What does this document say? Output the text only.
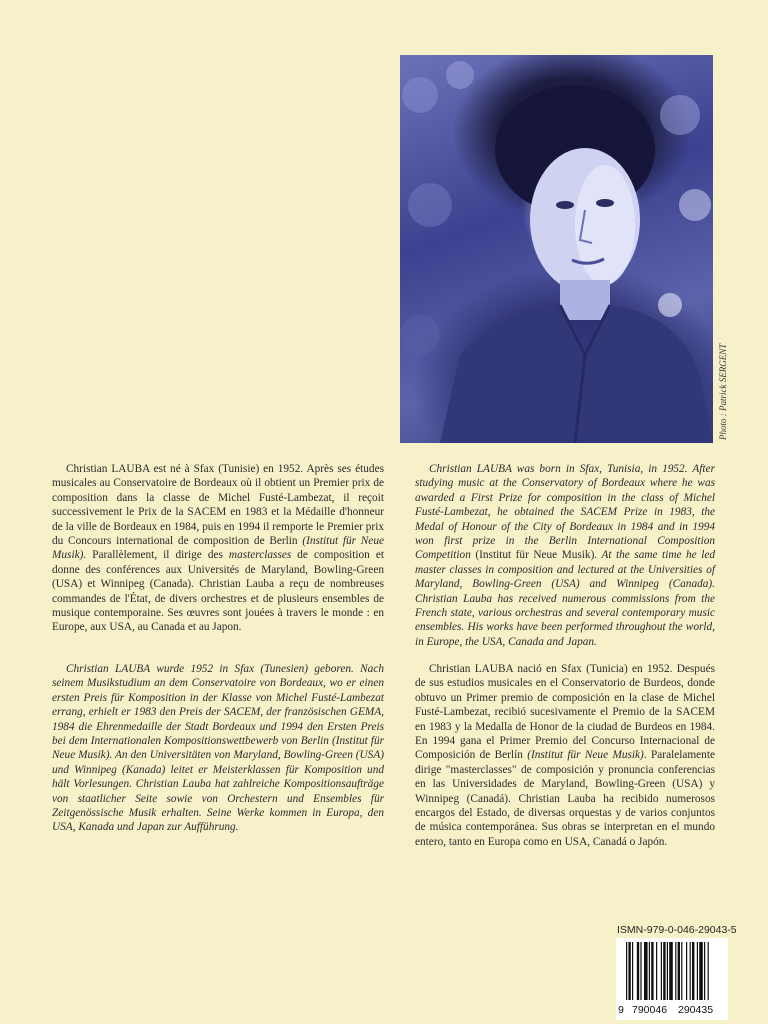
Photo : Patrick SERGENT

Christian LAUBA est né à Sfax (Tunisie) en 1952. Après ses études musicales au Conservatoire de Bordeaux où il obtient un Premier prix de composition dans la classe de Michel Fusté-Lambezat, il reçoit successivement le Prix de la SACEM en 1983 et la Médaille d'honneur de la ville de Bordeaux en 1984, puis en 1994 il remporte le Premier prix du Concours international de composition de Berlin (Institut für Neue Musik). Parallèlement, il dirige des masterclasses de composition et donne des conférences aux Universités de Maryland, Bowling-Green (USA) et Winnipeg (Canada). Christian Lauba a reçu de nombreuses commandes de l'État, de divers orchestres et de plusieurs ensembles de musique contemporaine. Ses œuvres sont jouées à travers le monde : en Europe, aux USA, au Canada et au Japon.

Christian LAUBA wurde 1952 in Sfax (Tunesien) geboren. Nach seinem Musikstudium an dem Conservatoire von Bordeaux, wo er einen ersten Preis für Komposition in der Klasse von Michel Fusté-Lambezat errang, erhielt er 1983 den Preis der SACEM, der französischen GEMA, 1984 die Ehrenmedaille der Stadt Bordeaux und 1994 den Ersten Preis bei dem Internationalen Kompositionswettbewerb von Berlin (Institut für Neue Musik). An den Universitäten von Maryland, Bowling-Green (USA) und Winnipeg (Kanada) leitet er Meisterklassen für Komposition und hält Vorlesungen. Christian Lauba hat zahlreiche Kompositionsaufträge von staatlicher Seite sowie von Orchestern und Ensembles für Zeitgenössische Musik erhalten. Seine Werke kommen in Europa, den USA, Kanada und Japan zur Aufführung.

Christian LAUBA was born in Sfax, Tunisia, in 1952. After studying music at the Conservatory of Bordeaux where he was awarded a First Prize for composition in the class of Michel Fusté-Lambezat, he obtained the SACEM Prize in 1983, the Medal of Honour of the City of Bordeaux in 1984 and in 1994 won first prize in the Berlin International Composition Competition (Institut für Neue Musik). At the same time he led master classes in composition and lectured at the Universities of Maryland, Bowling-Green (USA) and Winnipeg (Canada). Christian Lauba has received numerous commissions from the French state, various orchestras and several contemporary music ensembles. His works have been performed throughout the world, in Europe, the USA, Canada and Japan.

Christian LAUBA nació en Sfax (Tunicia) en 1952. Después de sus estudios musicales en el Conservatorio de Burdeos, donde obtuvo un Primer premio de composición en la clase de Michel Fusté-Lambezat, recibió sucesivamente el Premio de la SACEM en 1983 y la Medalla de Honor de la ciudad de Burdeos en 1984. En 1994 gana el Primer Premio del Concurso Internacional de Composición de Berlín (Institut für Neue Musik). Paralelamente dirige "masterclasses" de composición y pronuncia conferencias en las Universidades de Maryland, Bowling-Green (USA) y Winnipeg (Canadá). Christian Lauba ha recibido numerosos encargos del Estado, de diversas orquestas y de varios conjuntos de música contemporánea. Sus obras se interpretan en el mundo entero, tanto en Europa como en USA, Canadá o Japón.

ISMN-979-0-046-29043-5
9 790046 290435
